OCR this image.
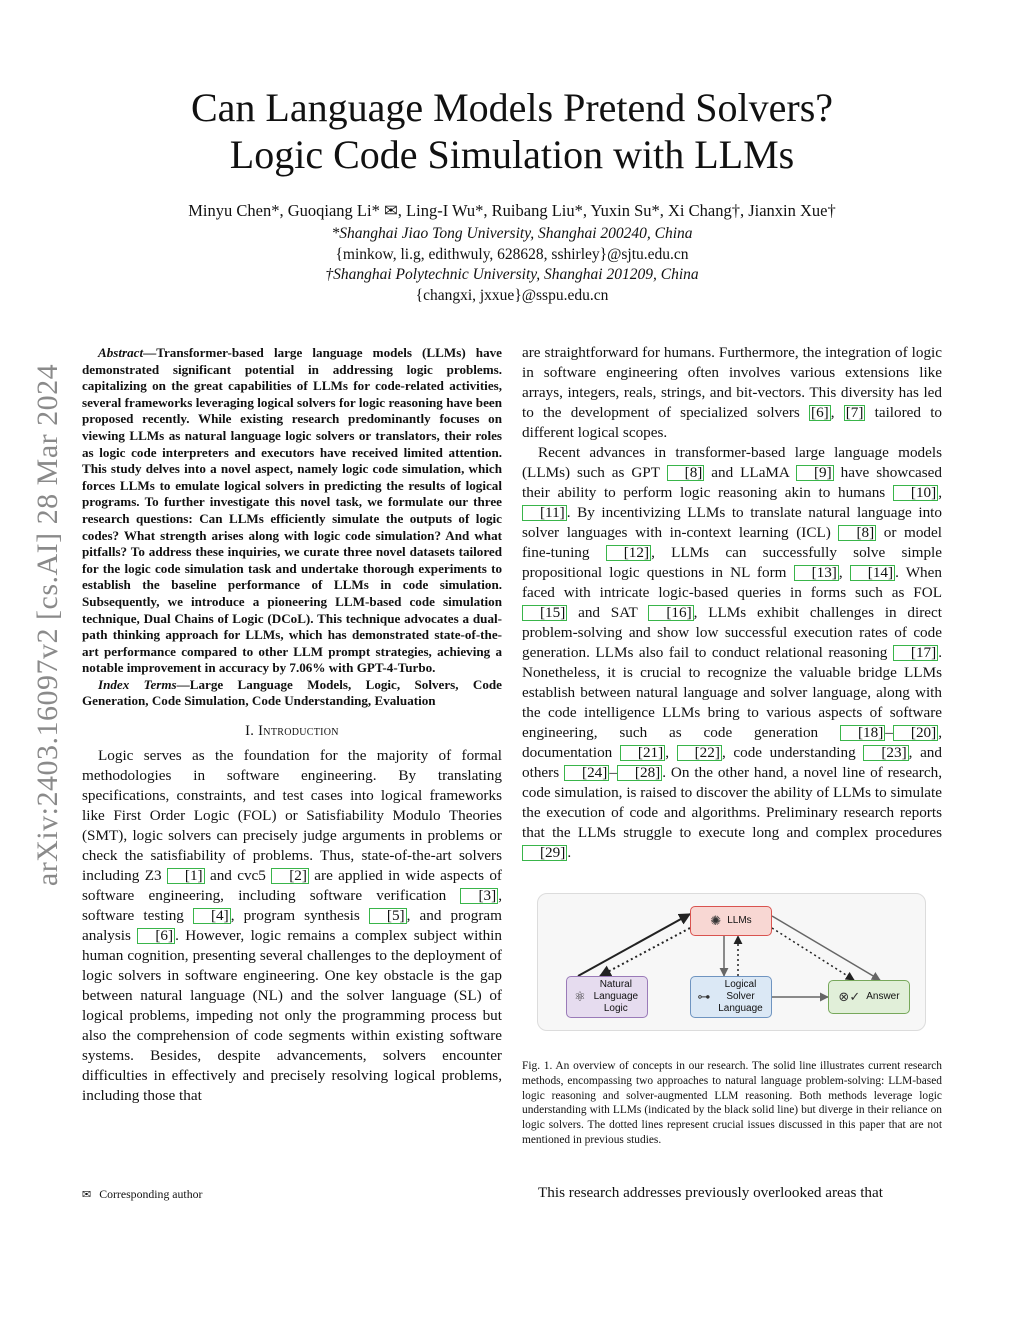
Can Language Models Pretend Solvers?
Logic Code Simulation with LLMs
Minyu Chen*, Guoqiang Li* ✉, Ling-I Wu*, Ruibang Liu*, Yuxin Su*, Xi Chang†, Jianxin Xue†
*Shanghai Jiao Tong University, Shanghai 200240, China
{minkow, li.g, edithwuly, 628628, sshirley}@sjtu.edu.cn
†Shanghai Polytechnic University, Shanghai 201209, China
{changxi, jxxue}@sspu.edu.cn
arXiv:2403.16097v2 [cs.AI] 28 Mar 2024

Abstract—Transformer-based large language models (LLMs) have demonstrated significant potential in addressing logic problems. capitalizing on the great capabilities of LLMs for code-related activities, several frameworks leveraging logical solvers for logic reasoning have been proposed recently. While existing research predominantly focuses on viewing LLMs as natural language logic solvers or translators, their roles as logic code interpreters and executors have received limited attention. This study delves into a novel aspect, namely logic code simulation, which forces LLMs to emulate logical solvers in predicting the results of logical programs. To further investigate this novel task, we formulate our three research questions: Can LLMs efficiently simulate the outputs of logic codes? What strength arises along with logic code simulation? And what pitfalls? To address these inquiries, we curate three novel datasets tailored for the logic code simulation task and undertake thorough experiments to establish the baseline performance of LLMs in code simulation. Subsequently, we introduce a pioneering LLM-based code simulation technique, Dual Chains of Logic (DCoL). This technique advocates a dual-path thinking approach for LLMs, which has demonstrated state-of-the-art performance compared to other LLM prompt strategies, achieving a notable improvement in accuracy by 7.06% with GPT-4-Turbo.

Index Terms—Large Language Models, Logic, Solvers, Code Generation, Code Simulation, Code Understanding, Evaluation

I. Introduction

Logic serves as the foundation for the majority of formal methodologies in software engineering. By translating specifications, constraints, and test cases into logical frameworks like First Order Logic (FOL) or Satisfiability Modulo Theories (SMT), logic solvers can precisely judge arguments in problems or check the satisfiability of problems. Thus, state-of-the-art solvers including Z3 [1] and cvc5 [2] are applied in wide aspects of software engineering, including software verification [3] , software testing [4] , program synthesis [5] , and program analysis [6] . However, logic remains a complex subject within human cognition, presenting several challenges to the deployment of logic solvers in software engineering. One key obstacle is the gap between natural language (NL) and the solver language (SL) of logical problems, impeding not only the programming process but also the comprehension of code segments within existing software systems. Besides, despite advancements, solvers encounter difficulties in effectively and precisely resolving logical problems, including those that

are straightforward for humans. Furthermore, the integration of logic in software engineering often involves various extensions like arrays, integers, reals, strings, and bit-vectors. This diversity has led to the development of specialized solvers [6] , [7] tailored to different logical scopes.

Recent advances in transformer-based large language models (LLMs) such as GPT [8] and LLaMA [9] have showcased their ability to perform logic reasoning akin to humans [10] , [11] . By incentivizing LLMs to translate natural language into solver languages with in-context learning (ICL) [8] or model fine-tuning [12] , LLMs can successfully solve simple propositional logic questions in NL form [13] , [14] . When faced with intricate logic-based queries in forms such as FOL [15] and SAT [16] , LLMs exhibit challenges in direct problem-solving and show low successful execution rates of code generation. LLMs also fail to conduct relational reasoning [17] . Nonetheless, it is crucial to recognize the valuable bridge LLMs establish between natural language and solver language, along with the code intelligence LLMs bring to various aspects of software engineering, such as code generation [18] – [20] , documentation [21] , [22] , code understanding [23] , and others [24] – [28] . On the other hand, a novel line of research, code simulation, is raised to discover the ability of LLMs to simulate the execution of code and algorithms. Preliminary research reports that the LLMs struggle to execute long and complex procedures [29] .

✺ LLMs
⚛
Natural Language Logic
⊶
Logical Solver Language
⊗✓ Answer

Fig. 1. An overview of concepts in our research. The solid line illustrates current research methods, encompassing two approaches to natural language problem-solving: LLM-based logic reasoning and solver-augmented LLM reasoning. Both methods leverage logic understanding with LLMs (indicated by the black solid line) but diverge in their reliance on logic solvers. The dotted lines represent crucial issues discussed in this paper that are not mentioned in previous studies.

This research addresses previously overlooked areas that

✉ Corresponding author
